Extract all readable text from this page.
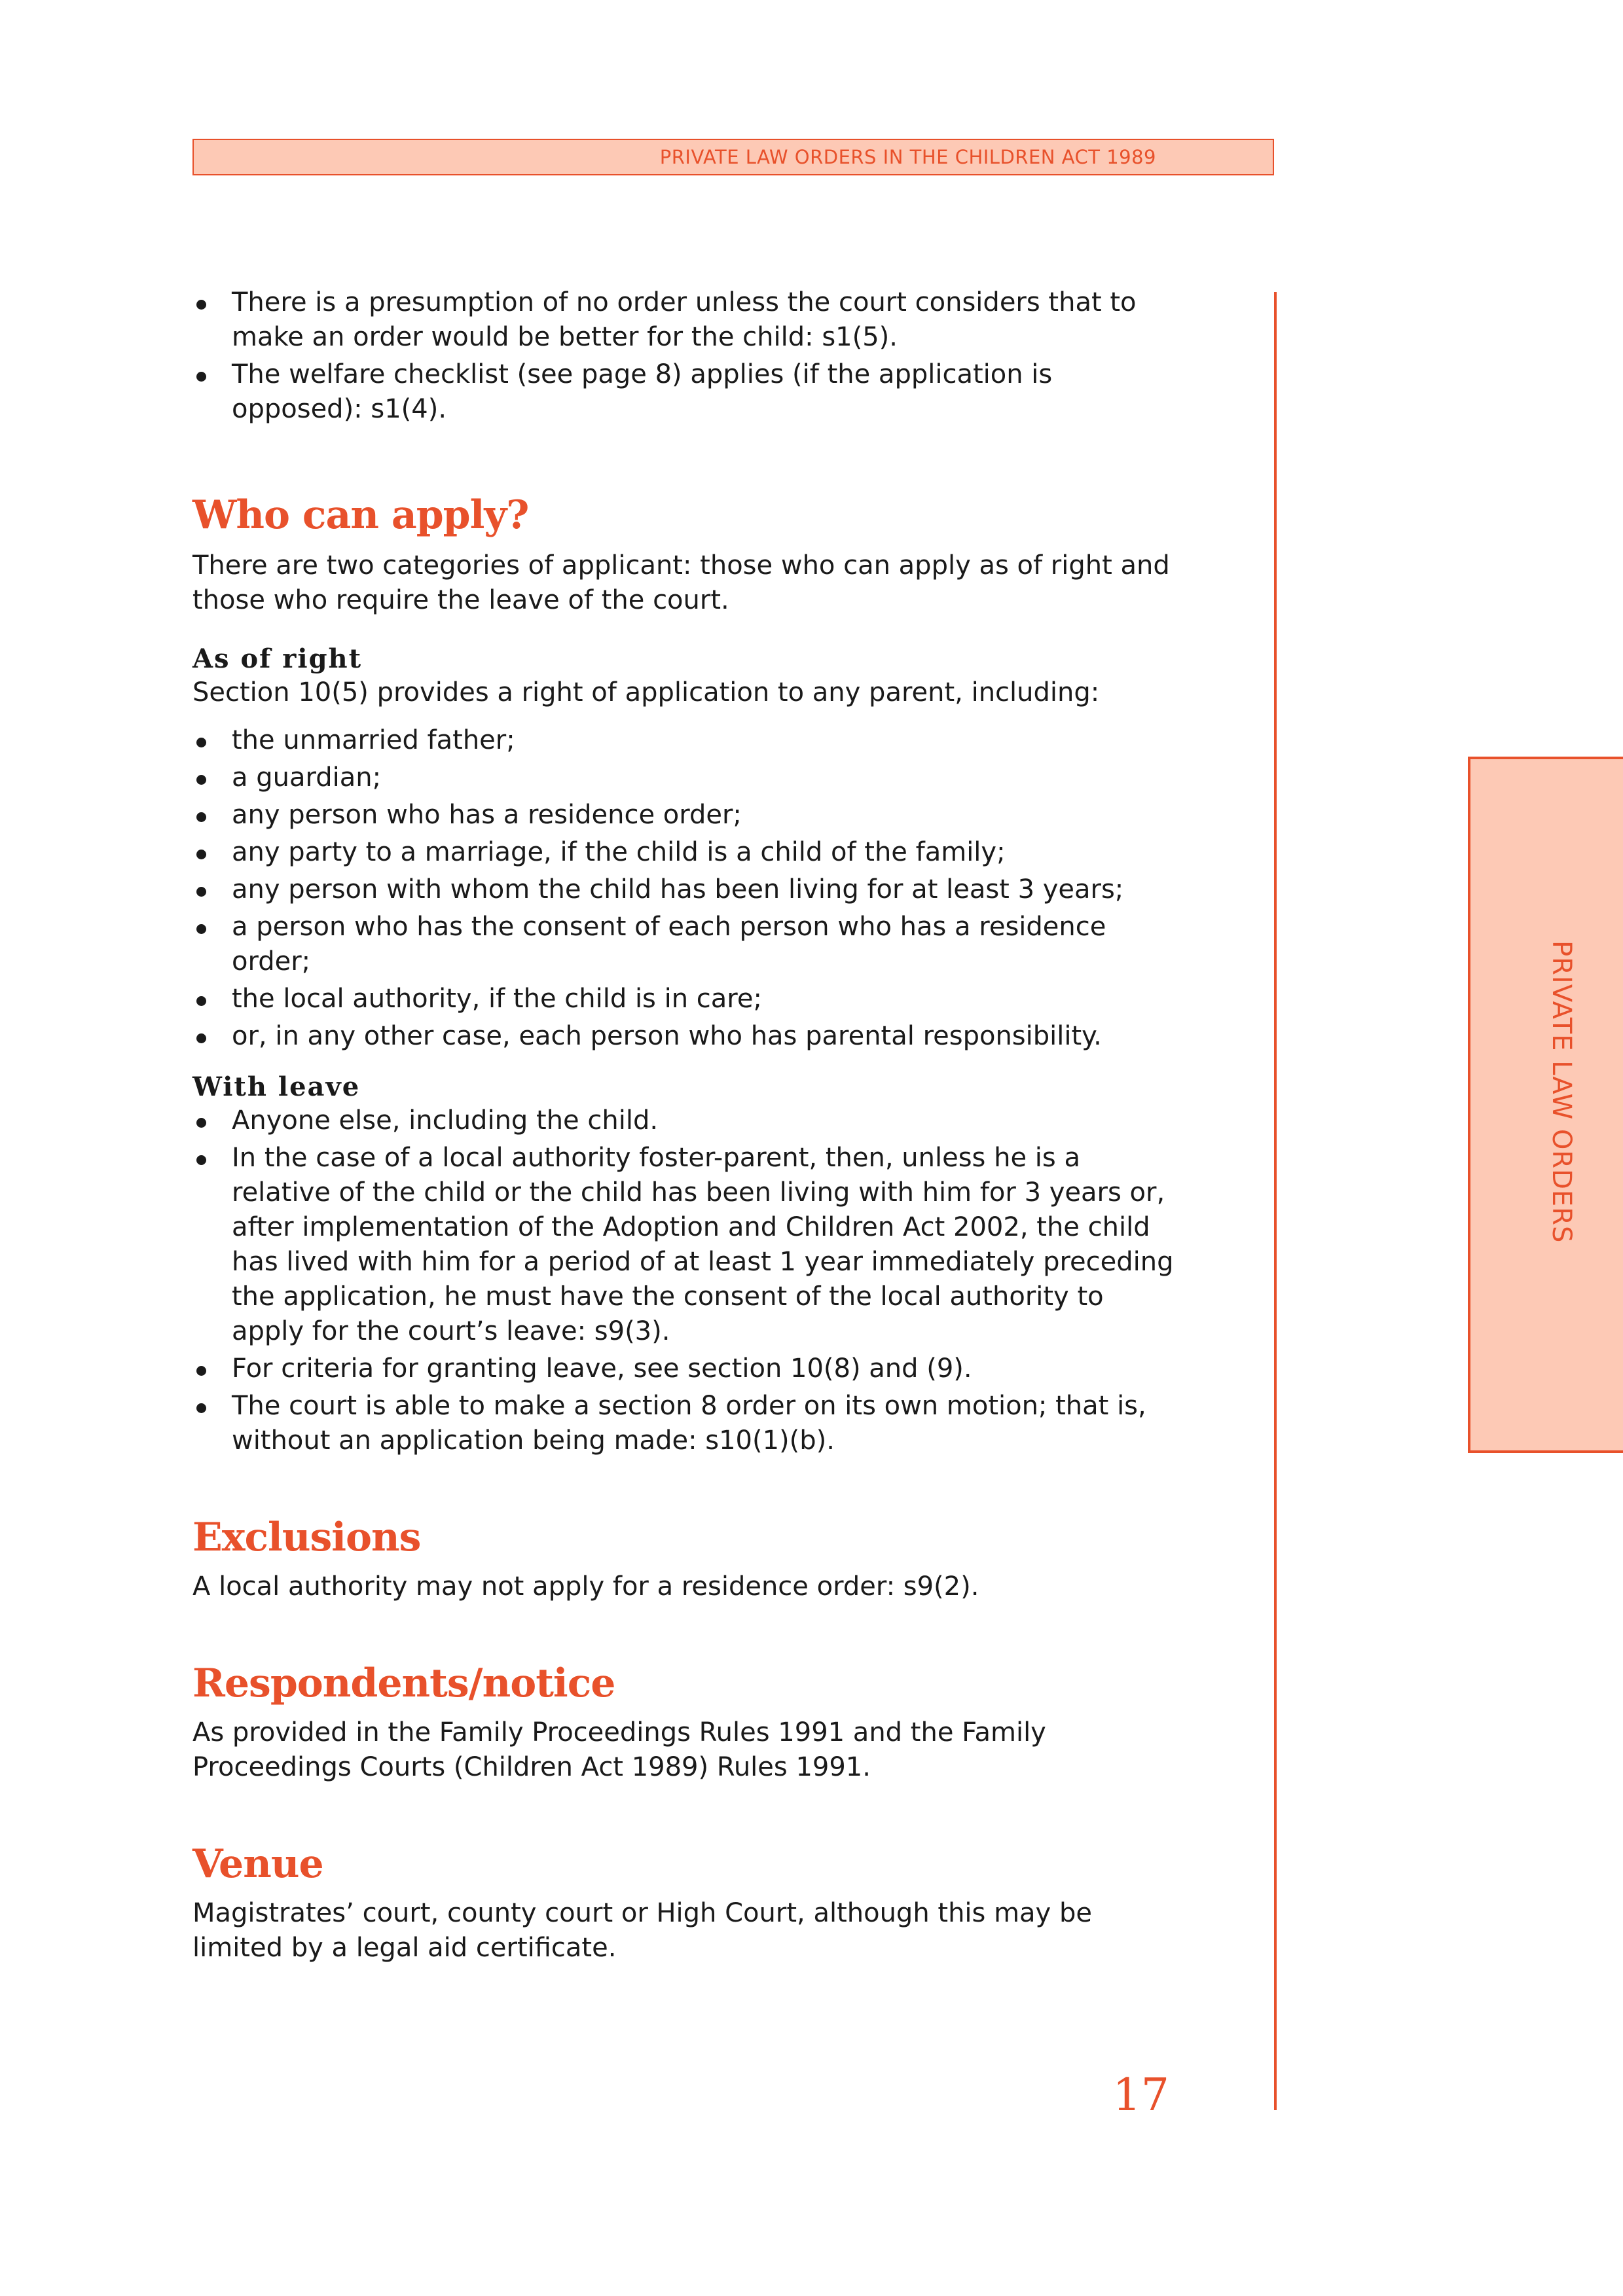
PRIVATE LAW ORDERS IN THE CHILDREN ACT 1989
PRIVATE LAW ORDERS
There is a presumption of no order unless the court considers that to make an order would be better for the child: s1(5).
The welfare checklist (see page 8) applies (if the application is opposed): s1(4).
Who can apply?

There are two categories of applicant: those who can apply as of right and those who require the leave of the court.

As of right

Section 10(5) provides a right of application to any parent, including:

the unmarried father;
a guardian;
any person who has a residence order;
any party to a marriage, if the child is a child of the family;
any person with whom the child has been living for at least 3 years;
a person who has the consent of each person who has a residence order;
the local authority, if the child is in care;
or, in any other case, each person who has parental responsibility.

With leave

Anyone else, including the child.
In the case of a local authority foster-parent, then, unless he is a relative of the child or the child has been living with him for 3 years or, after implementation of the Adoption and Children Act 2002, the child has lived with him for a period of at least 1 year immediately preceding the application, he must have the consent of the local authority to apply for the court’s leave: s9(3).
For criteria for granting leave, see section 10(8) and (9).
The court is able to make a section 8 order on its own motion; that is, without an application being made: s10(1)(b).
Exclusions

A local authority may not apply for a residence order: s9(2).

Respondents/notice

As provided in the Family Proceedings Rules 1991 and the Family Proceedings Courts (Children Act 1989) Rules 1991.

Venue

Magistrates’ court, county court or High Court, although this may be limited by a legal aid certificate.

17
